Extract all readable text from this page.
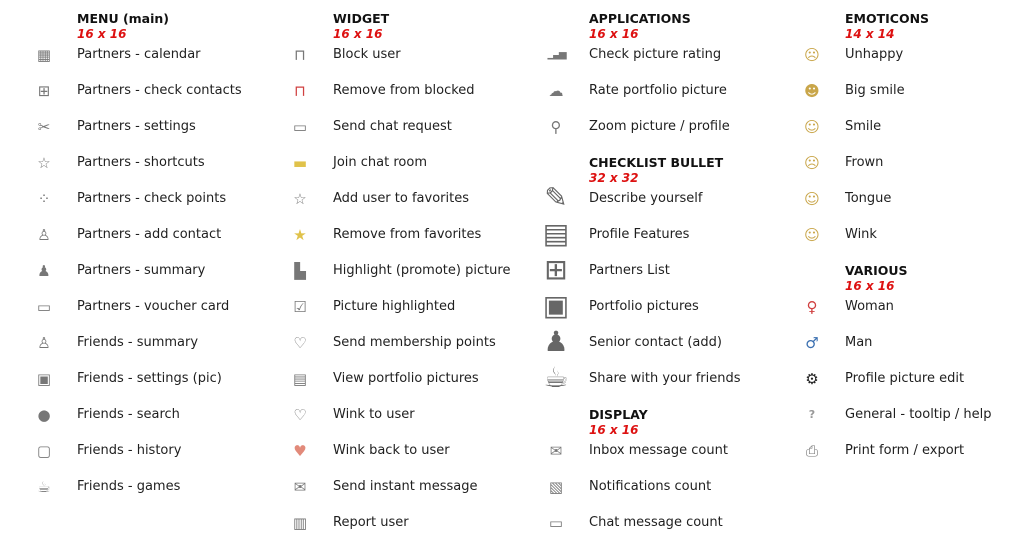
MENU (main)
16 x 16
▦	Partners - calendar
⊞	Partners - check contacts
✂	Partners - settings
☆	Partners - shortcuts
⁘	Partners - check points
♙	Partners - add contact
♟	Partners - summary
▭	Partners - voucher card
♙	Friends - summary
▣	Friends - settings (pic)
●	Friends - search
▢	Friends - history
☕	Friends - games
WIDGET
16 x 16
⊓	Block user
⊓	Remove from blocked
▭	Send chat request
▬	Join chat room
☆	Add user to favorites
★	Remove from favorites
▙	Highlight (promote) picture
☑	Picture highlighted
♡	Send membership points
▤	View portfolio pictures
♡	Wink to user
♥	Wink back to user
✉	Send instant message
▥	Report user
APPLICATIONS
16 x 16
▁▃▅	Check picture rating
☁	Rate portfolio picture
⚲	Zoom picture / profile
CHECKLIST BULLET
32 x 32
✎	Describe yourself
▤ Profile Features
⊞	Partners List
▣ Portfolio pictures
♟ Senior contact (add)
☕ Share with your friends
DISPLAY
16 x 16
✉	Inbox message count
▧	Notifications count
▭	Chat message count
EMOTICONS
14 x 14
☹	Unhappy
☻	Big smile
☺	Smile
☹	Frown
☺	Tongue
☺	Wink
VARIOUS
16 x 16
♀	Woman
♂	Man
⚙	Profile picture edit
?	General - tooltip / help
⎙	Print form / export
